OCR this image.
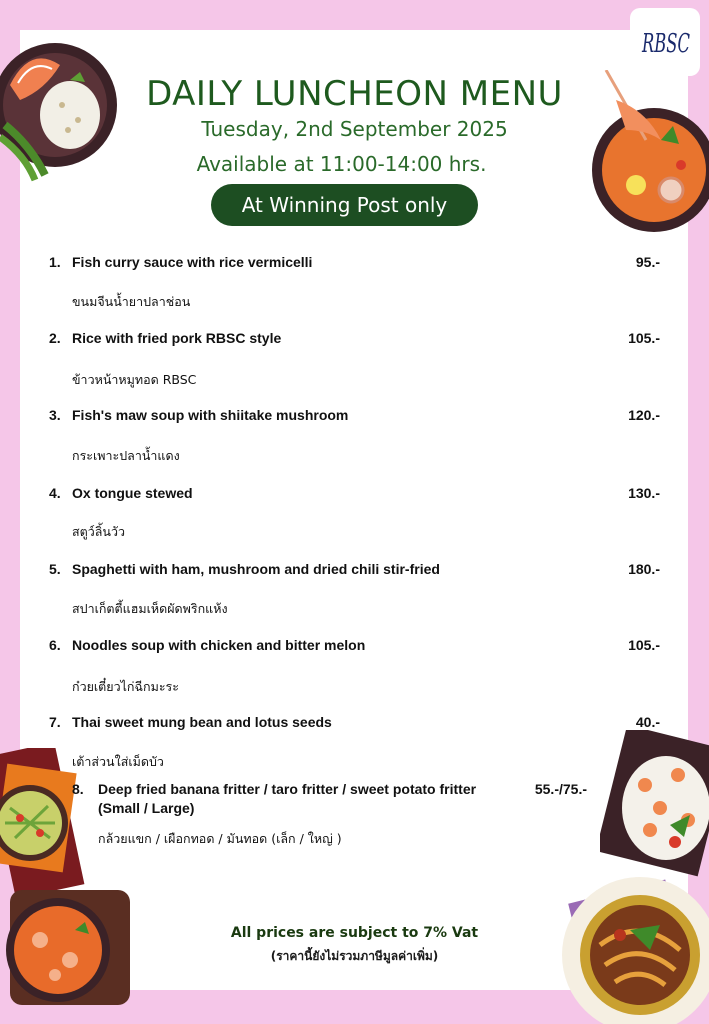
RBSC
DAILY LUNCHEON MENU
Tuesday, 2nd September 2025
Available at 11:00-14:00 hrs.
At Winning Post only
1. Fish curry sauce with rice vermicelli	95.-
ขนมจีนน้ำยาปลาช่อน
2. Rice with fried pork RBSC style	105.-
ข้าวหน้าหมูทอด RBSC
3. Fish's maw soup with shiitake mushroom	120.-
กระเพาะปลาน้ำแดง
4. Ox tongue stewed	130.-
สตูว์ลิ้นวัว
5. Spaghetti with ham, mushroom and dried chili stir-fried	180.-
สปาเก็ตตี้แฮมเห็ดผัดพริกแห้ง
6. Noodles soup with chicken and bitter melon	105.-
ก๋วยเตี๋ยวไก่ฉีกมะระ
7. Thai sweet mung bean and lotus seeds	40.-
เต้าส่วนใส่เม็ดบัว
8. Deep fried banana fritter / taro fritter / sweet potato fritter
(Small / Large)
55.-/75.-
กล้วยแขก / เผือกทอด / มันทอด (เล็ก / ใหญ่ )
All prices are subject to 7% Vat
(ราคานี้ยังไม่รวมภาษีมูลค่าเพิ่ม)
